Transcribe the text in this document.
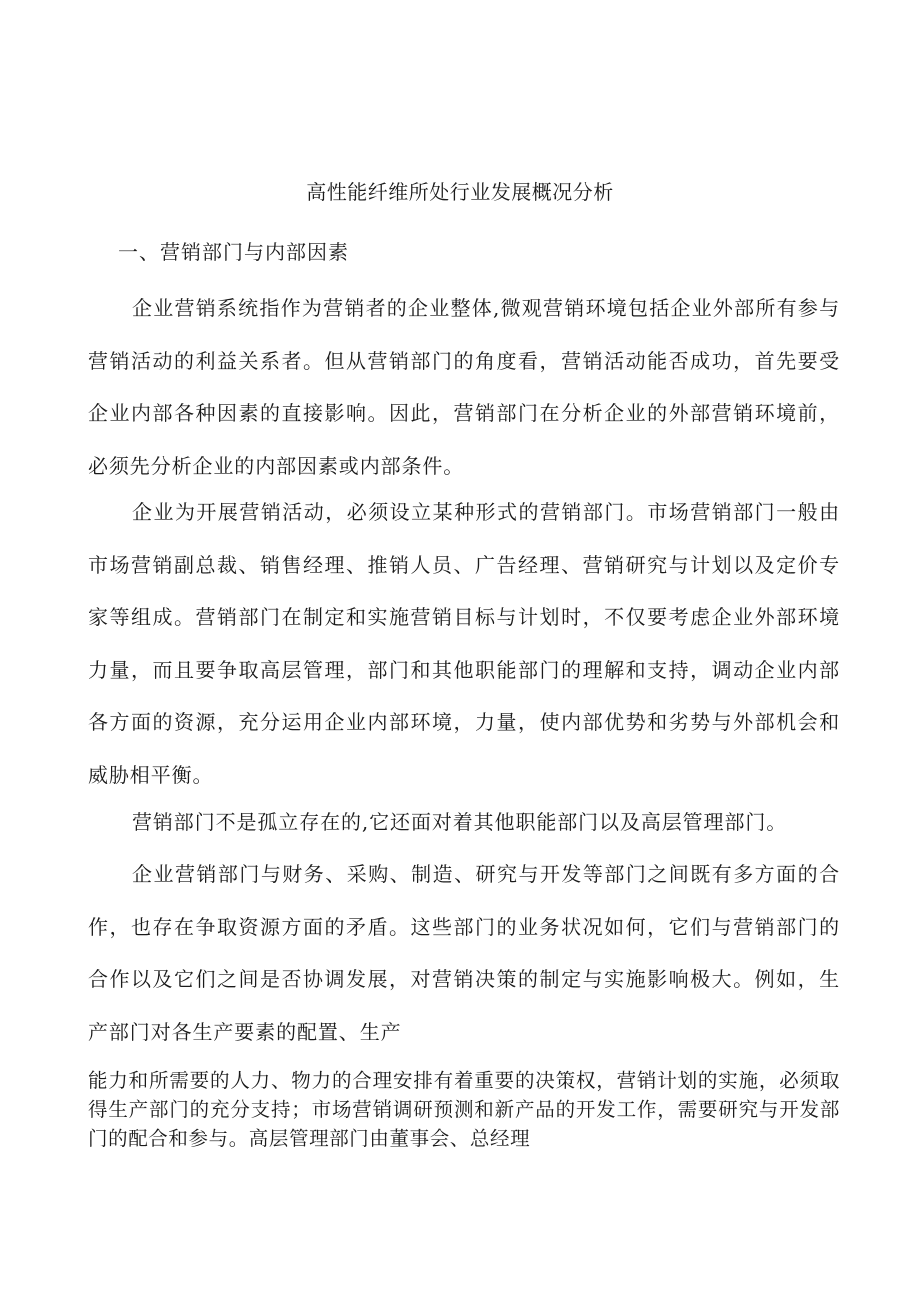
高性能纤维所处行业发展概况分析
一、营销部门与内部因素

企业营销系统指作为营销者的企业整体,微观营销环境包括企业外部所有参与营销活动的利益关系者。但从营销部门的角度看，营销活动能否成功，首先要受企业内部各种因素的直接影响。因此，营销部门在分析企业的外部营销环境前，必须先分析企业的内部因素或内部条件。

企业为开展营销活动，必须设立某种形式的营销部门。市场营销部门一般由市场营销副总裁、销售经理、推销人员、广告经理、营销研究与计划以及定价专家等组成。营销部门在制定和实施营销目标与计划时，不仅要考虑企业外部环境力量，而且要争取高层管理，部门和其他职能部门的理解和支持，调动企业内部各方面的资源，充分运用企业内部环境，力量，使内部优势和劣势与外部机会和威胁相平衡。

营销部门不是孤立存在的,它还面对着其他职能部门以及高层管理部门。

企业营销部门与财务、采购、制造、研究与开发等部门之间既有多方面的合作，也存在争取资源方面的矛盾。这些部门的业务状况如何，它们与营销部门的合作以及它们之间是否协调发展，对营销决策的制定与实施影响极大。例如，生产部门对各生产要素的配置、生产

能力和所需要的人力、物力的合理安排有着重要的决策权，营销计划的实施，必须取得生产部门的充分支持；市场营销调研预测和新产品的开发工作，需要研究与开发部门的配合和参与。高层管理部门由董事会、总经理
